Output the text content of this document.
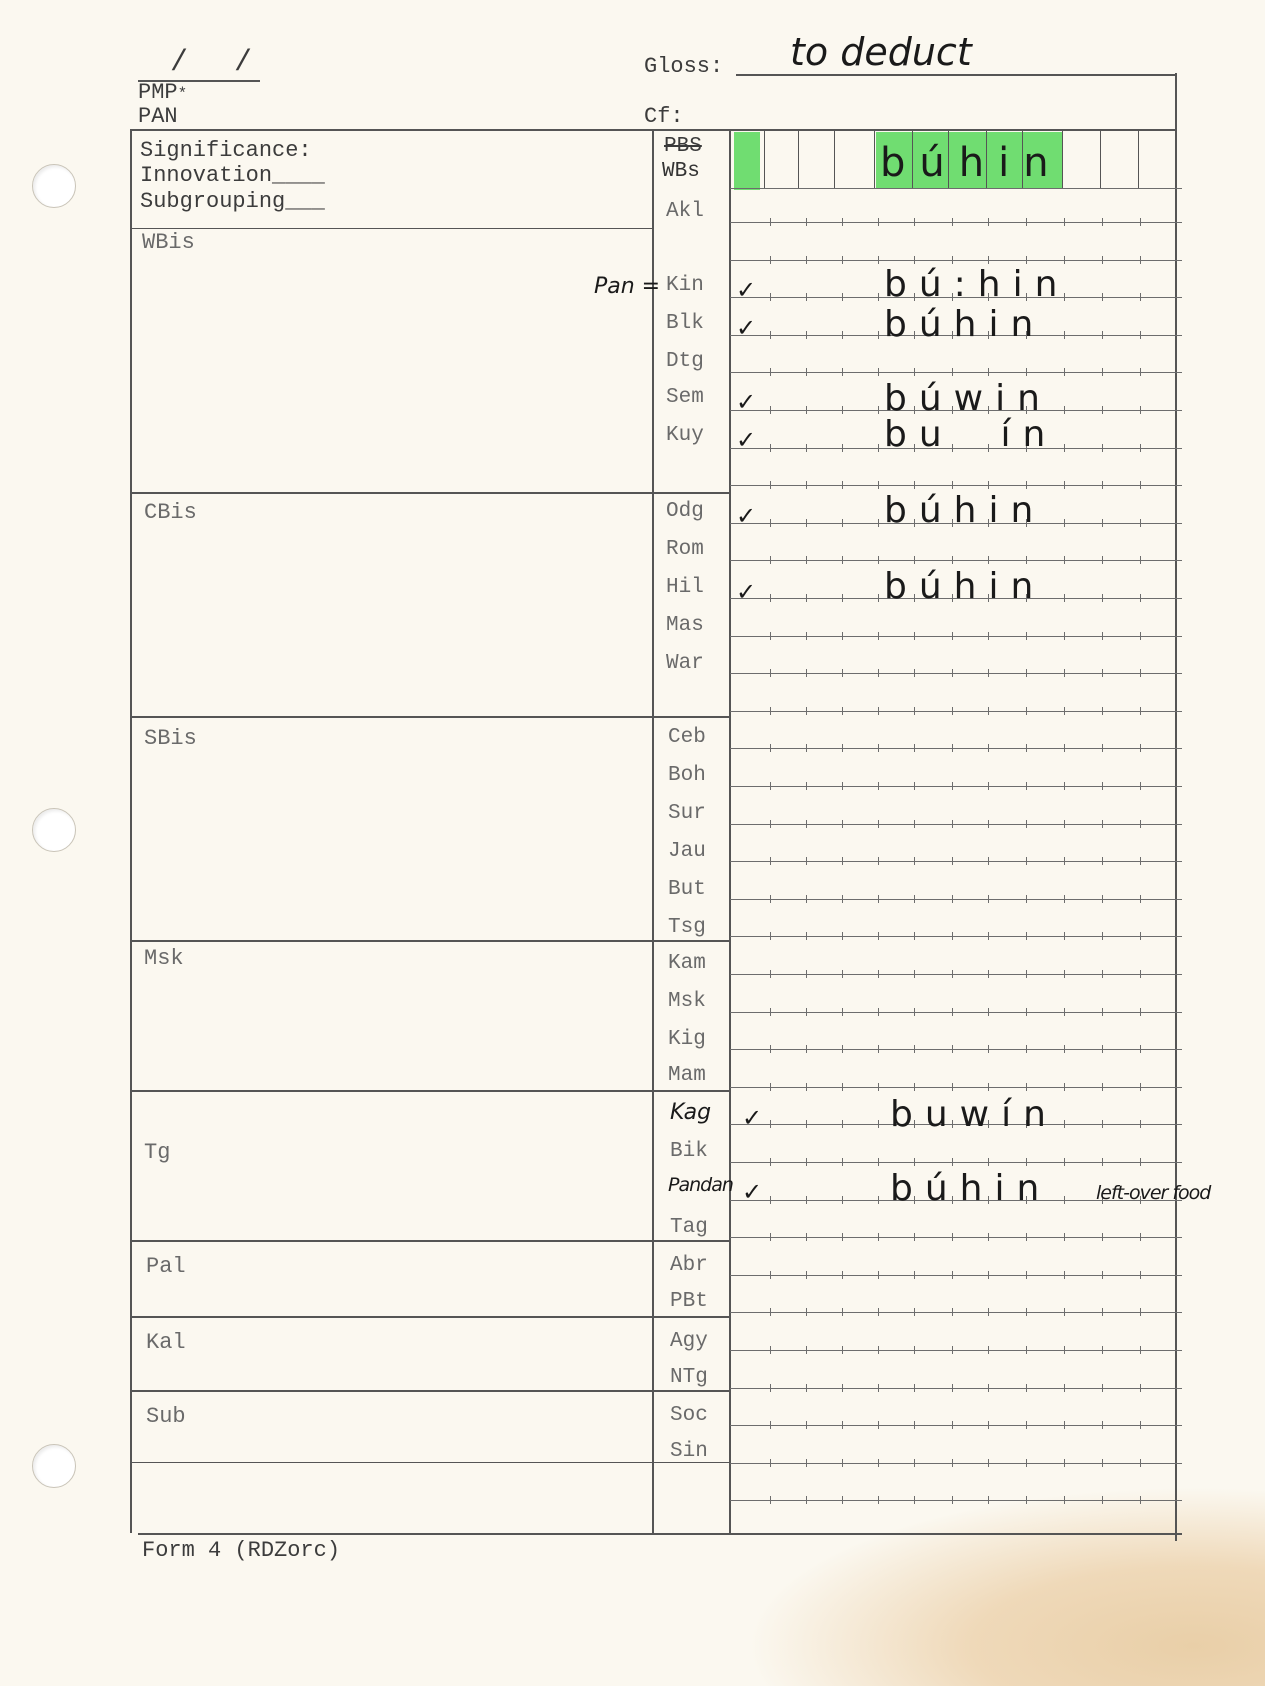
/ /
PMP*
PAN
Gloss: to deduct
Cf:
Significance:
Innovation____
Subgrouping___
WBis
CBis
SBis
Msk
Tg
Pal
Kal
Sub
PBS
WBs
Akl
Kin
Blk
Dtg
Sem
Kuy
Odg
Rom
Hil
Mas
War
Ceb
Boh
Sur
Jau
But
Tsg
Kam
Msk
Kig
Mam
Kag
Bik
Pandan
Tag
Abr
PBt
Agy
NTg
Soc
Sin
Pan =	✓
✓
✓
✓
✓
✓
✓
✓
búhin
bú:hin
búhin
búwin
bu  ín
búhin
búhin
buwín
búhin left-over food
Form 4 (RDZorc)
